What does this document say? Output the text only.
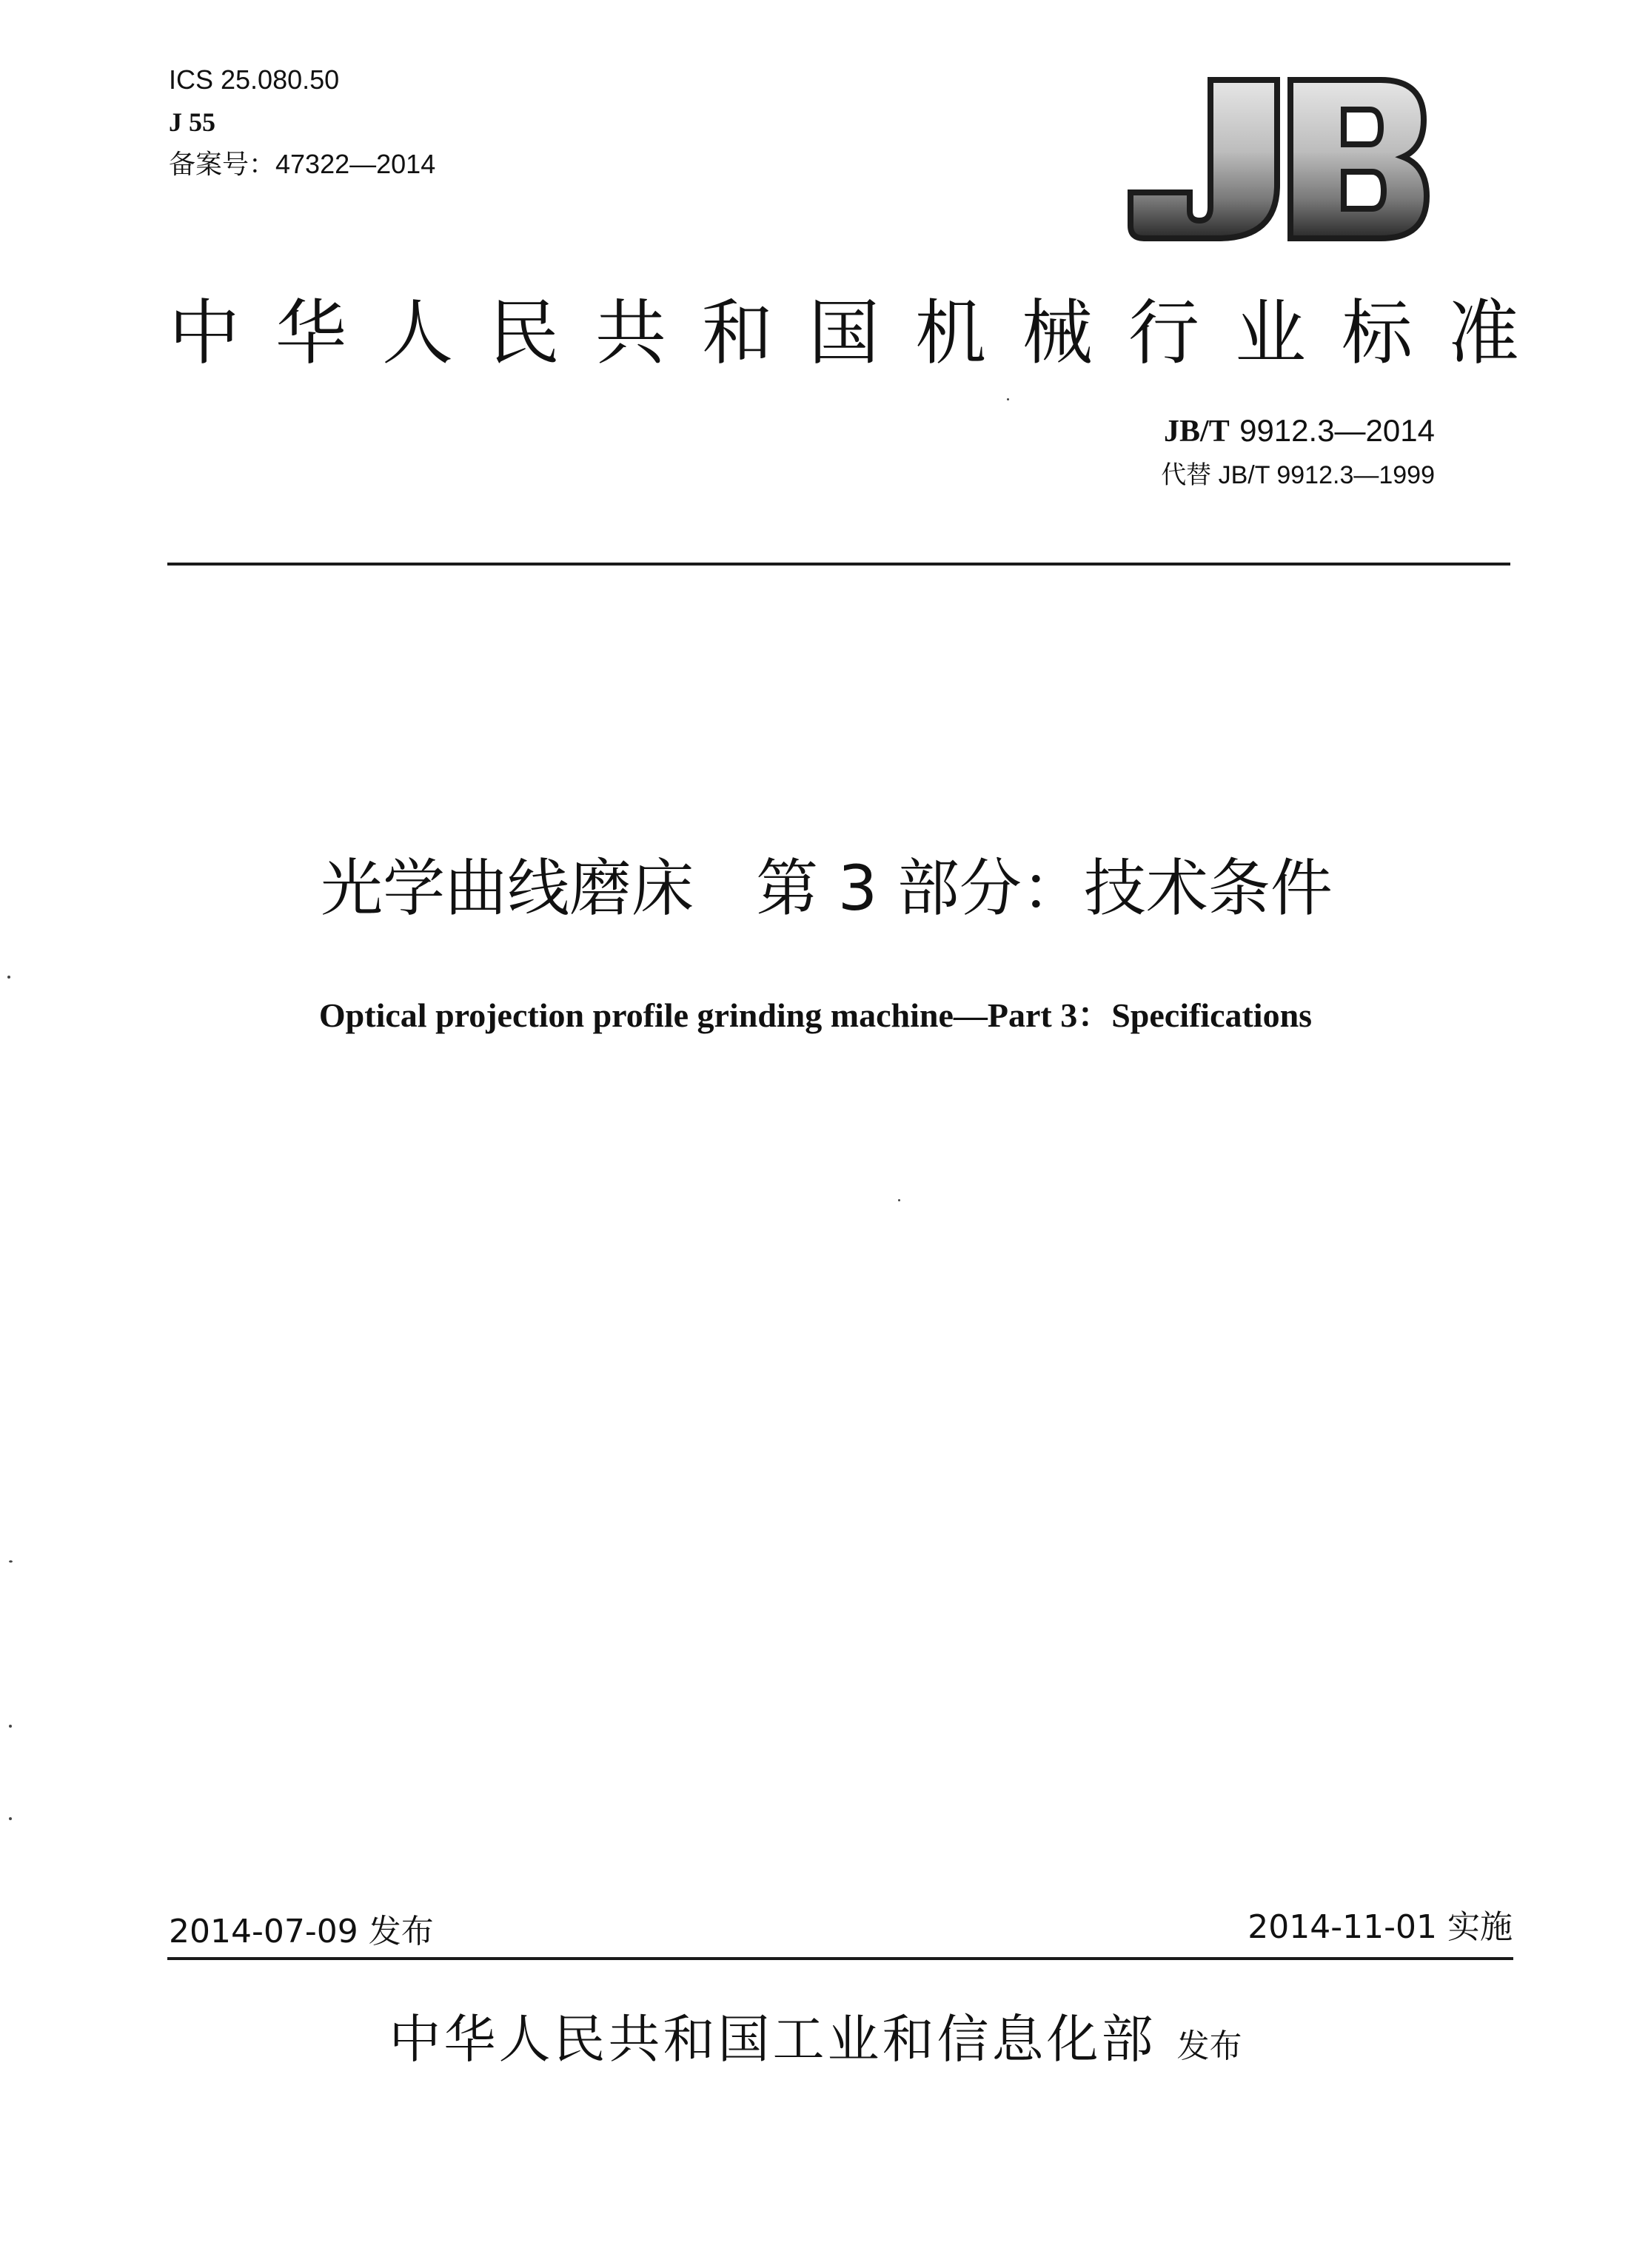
ICS 25.080.50
J 55
备案号：47322—2014
中华人民共和国机械行业标准
JB/T 9912.3—2014
代替 JB/T 9912.3—1999
光学曲线磨床　第 3 部分：技术条件
Optical projection profile grinding machine—Part 3：Specifications
2014-07-09 发布	2014-11-01 实施
中华人民共和国工业和信息化部 发布
